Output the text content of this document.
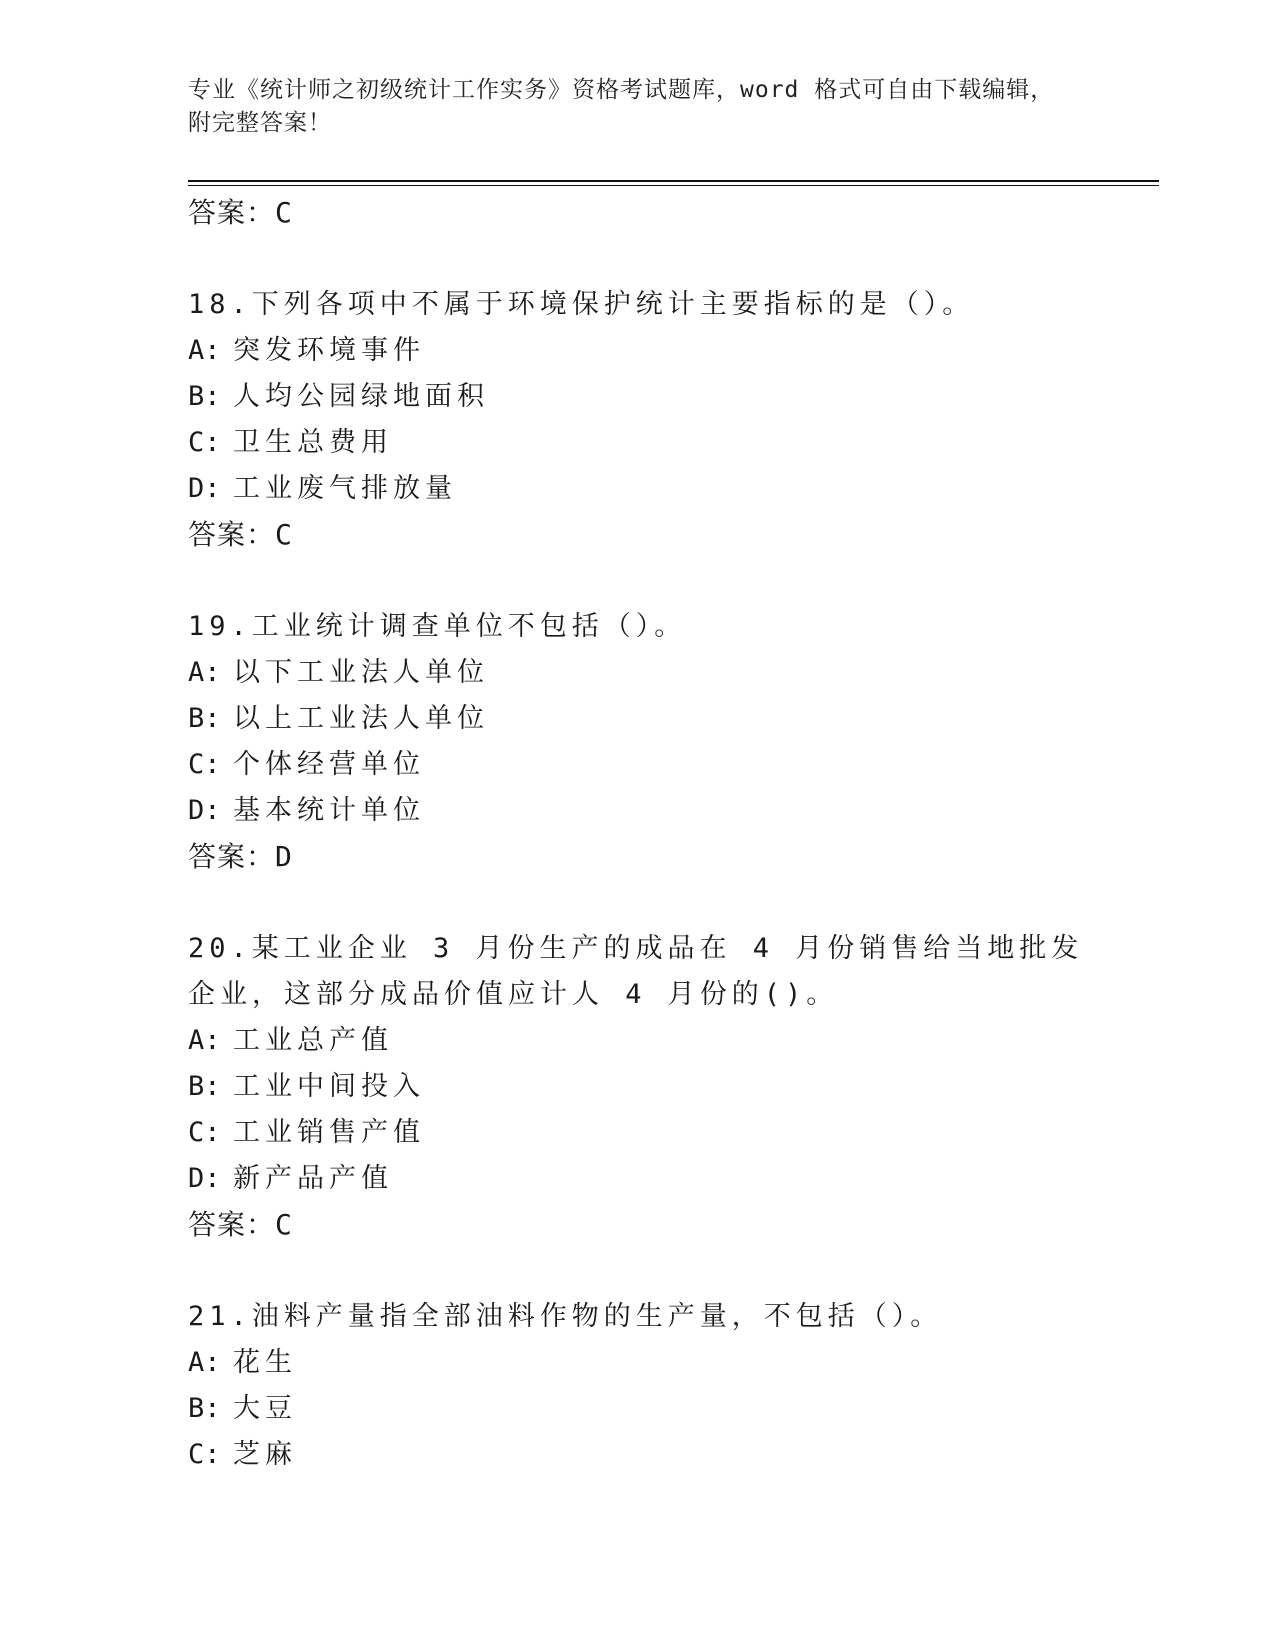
专业《统计师之初级统计工作实务》资格考试题库，word 格式可自由下载编辑，
附完整答案！
答案：C
18.下列各项中不属于环境保护统计主要指标的是（）。
A: 突发环境事件
B: 人均公园绿地面积
C: 卫生总费用
D: 工业废气排放量
答案：C
19.工业统计调查单位不包括（）。
A: 以下工业法人单位
B: 以上工业法人单位
C: 个体经营单位
D: 基本统计单位
答案：D
20.某工业企业 3 月份生产的成品在 4 月份销售给当地批发企业，这部分成品价值应计人 4 月份的()。
A: 工业总产值
B: 工业中间投入
C: 工业销售产值
D: 新产品产值
答案：C
21.油料产量指全部油料作物的生产量，不包括（）。
A: 花生
B: 大豆
C: 芝麻
